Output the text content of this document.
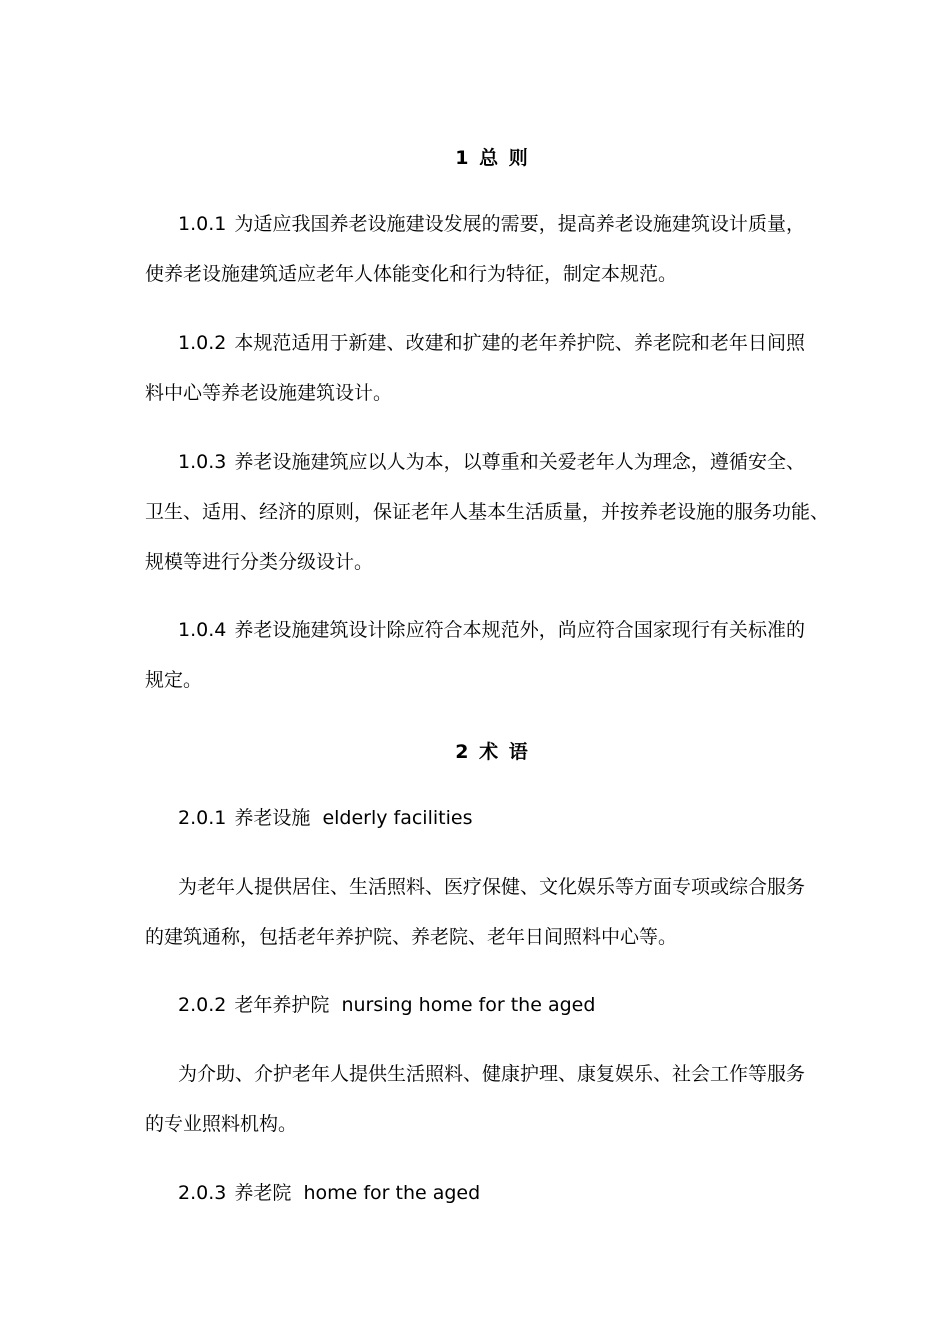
1 总 则
1.0.1 为适应我国养老设施建设发展的需要，提高养老设施建筑设计质量，
使养老设施建筑适应老年人体能变化和行为特征，制定本规范。
1.0.2 本规范适用于新建、改建和扩建的老年养护院、养老院和老年日间照
料中心等养老设施建筑设计。
1.0.3 养老设施建筑应以人为本，以尊重和关爱老年人为理念，遵循安全、
卫生、适用、经济的原则，保证老年人基本生活质量，并按养老设施的服务功能、
规模等进行分类分级设计。
1.0.4 养老设施建筑设计除应符合本规范外，尚应符合国家现行有关标准的
规定。
2 术 语
2.0.1 养老设施  elderly facilities
为老年人提供居住、生活照料、医疗保健、文化娱乐等方面专项或综合服务
的建筑通称，包括老年养护院、养老院、老年日间照料中心等。
2.0.2 老年养护院  nursing home for the aged
为介助、介护老年人提供生活照料、健康护理、康复娱乐、社会工作等服务
的专业照料机构。
2.0.3 养老院  home for the aged
